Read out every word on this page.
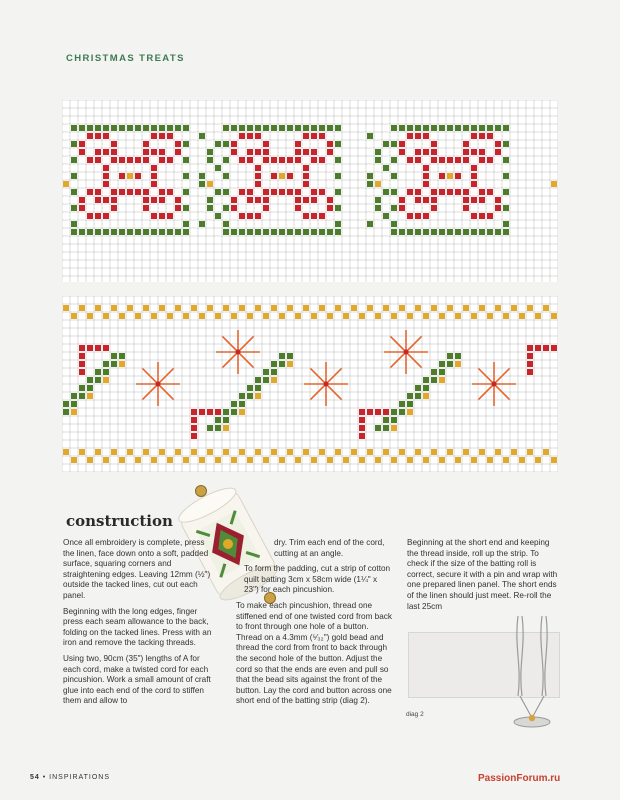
CHRISTMAS TREATS
construction

Once all embroidery is complete, press the linen, face down onto a soft, padded surface, squaring corners and straightening edges. Leaving 12mm (½") outside the tacked lines, cut out each panel.

Beginning with the long edges, finger press each seam allowance to the back, folding on the tacked lines. Press with an iron and remove the tacking threads.

Using two, 90cm (35") lengths of A for each cord, make a twisted cord for each pincushion. Work a small amount of craft glue into each end of the cord to stiffen them and allow to

dry. Trim each end of the cord, cutting at an angle.

To form the padding, cut a strip of cotton quilt batting 3cm x 58cm wide (1¼" x 23") for each pincushion.

To make each pincushion, thread one stiffened end of one twisted cord from back to front through one hole of a button. Thread on a 4.3mm (⁵⁄₃₂") gold bead and thread the cord from front to back through the second hole of the button. Adjust the cord so that the ends are even and pull so that the bead sits against the front of the button. Lay the cord and button across one short end of the batting strip (diag 2).

Beginning at the short end and keeping the thread inside, roll up the strip. To check if the size of the batting roll is correct, secure it with a pin and wrap with one prepared linen panel. The short ends of the linen should just meet. Re-roll the last 25cm

diag 2
54 • INSPIRATIONS	PassionForum.ru
